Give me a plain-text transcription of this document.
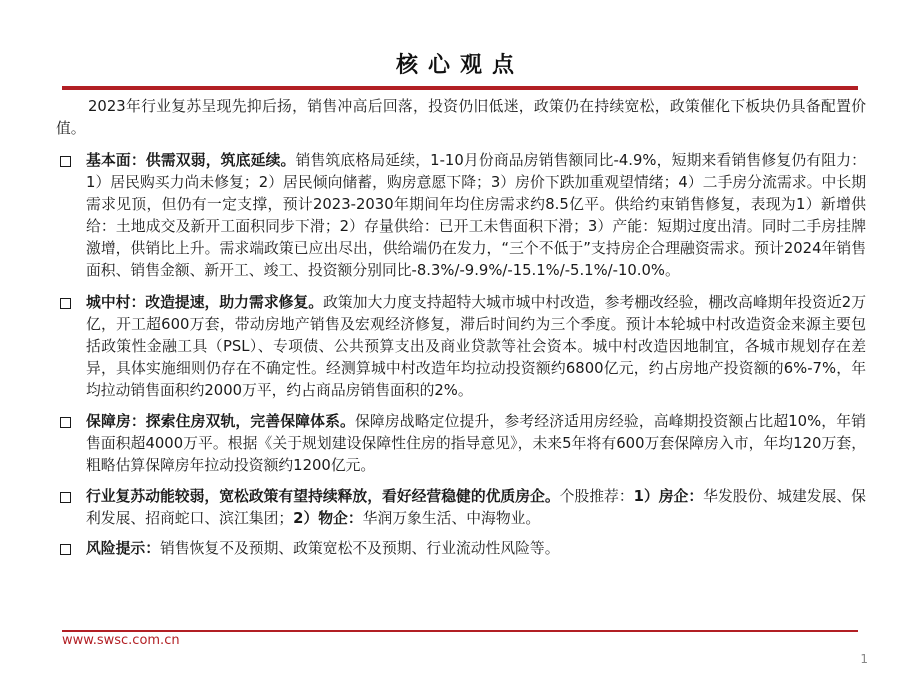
核心观点

2023年行业复苏呈现先抑后扬，销售冲高后回落，投资仍旧低迷，政策仍在持续宽松，政策催化下板块仍具备配置价值。

基本面：供需双弱，筑底延续。销售筑底格局延续，1-10月份商品房销售额同比-4.9%，短期来看销售修复仍有阻力：1）居民购买力尚未修复；2）居民倾向储蓄，购房意愿下降；3）房价下跌加重观望情绪；4）二手房分流需求。中长期需求见顶，但仍有一定支撑，预计2023-2030年期间年均住房需求约8.5亿平。供给约束销售修复，表现为1）新增供给：土地成交及新开工面积同步下滑；2）存量供给：已开工未售面积下滑；3）产能：短期过度出清。同时二手房挂牌激增，供销比上升。需求端政策已应出尽出，供给端仍在发力，“三个不低于”支持房企合理融资需求。预计2024年销售面积、销售金额、新开工、竣工、投资额分别同比-8.3%/-9.9%/-15.1%/-5.1%/-10.0%。
城中村：改造提速，助力需求修复。政策加大力度支持超特大城市城中村改造，参考棚改经验，棚改高峰期年投资近2万亿，开工超600万套，带动房地产销售及宏观经济修复，滞后时间约为三个季度。预计本轮城中村改造资金来源主要包括政策性金融工具（PSL）、专项债、公共预算支出及商业贷款等社会资本。城中村改造因地制宜，各城市规划存在差异，具体实施细则仍存在不确定性。经测算城中村改造年均拉动投资额约6800亿元，约占房地产投资额的6%-7%，年均拉动销售面积约2000万平，约占商品房销售面积的2%。
保障房：探索住房双轨，完善保障体系。保障房战略定位提升，参考经济适用房经验，高峰期投资额占比超10%，年销售面积超4000万平。根据《关于规划建设保障性住房的指导意见》，未来5年将有600万套保障房入市，年均120万套，粗略估算保障房年拉动投资额约1200亿元。
行业复苏动能较弱，宽松政策有望持续释放，看好经营稳健的优质房企。个股推荐：1）房企：华发股份、城建发展、保利发展、招商蛇口、滨江集团；2）物企：华润万象生活、中海物业。
风险提示：销售恢复不及预期、政策宽松不及预期、行业流动性风险等。
www.swsc.com.cn
1
